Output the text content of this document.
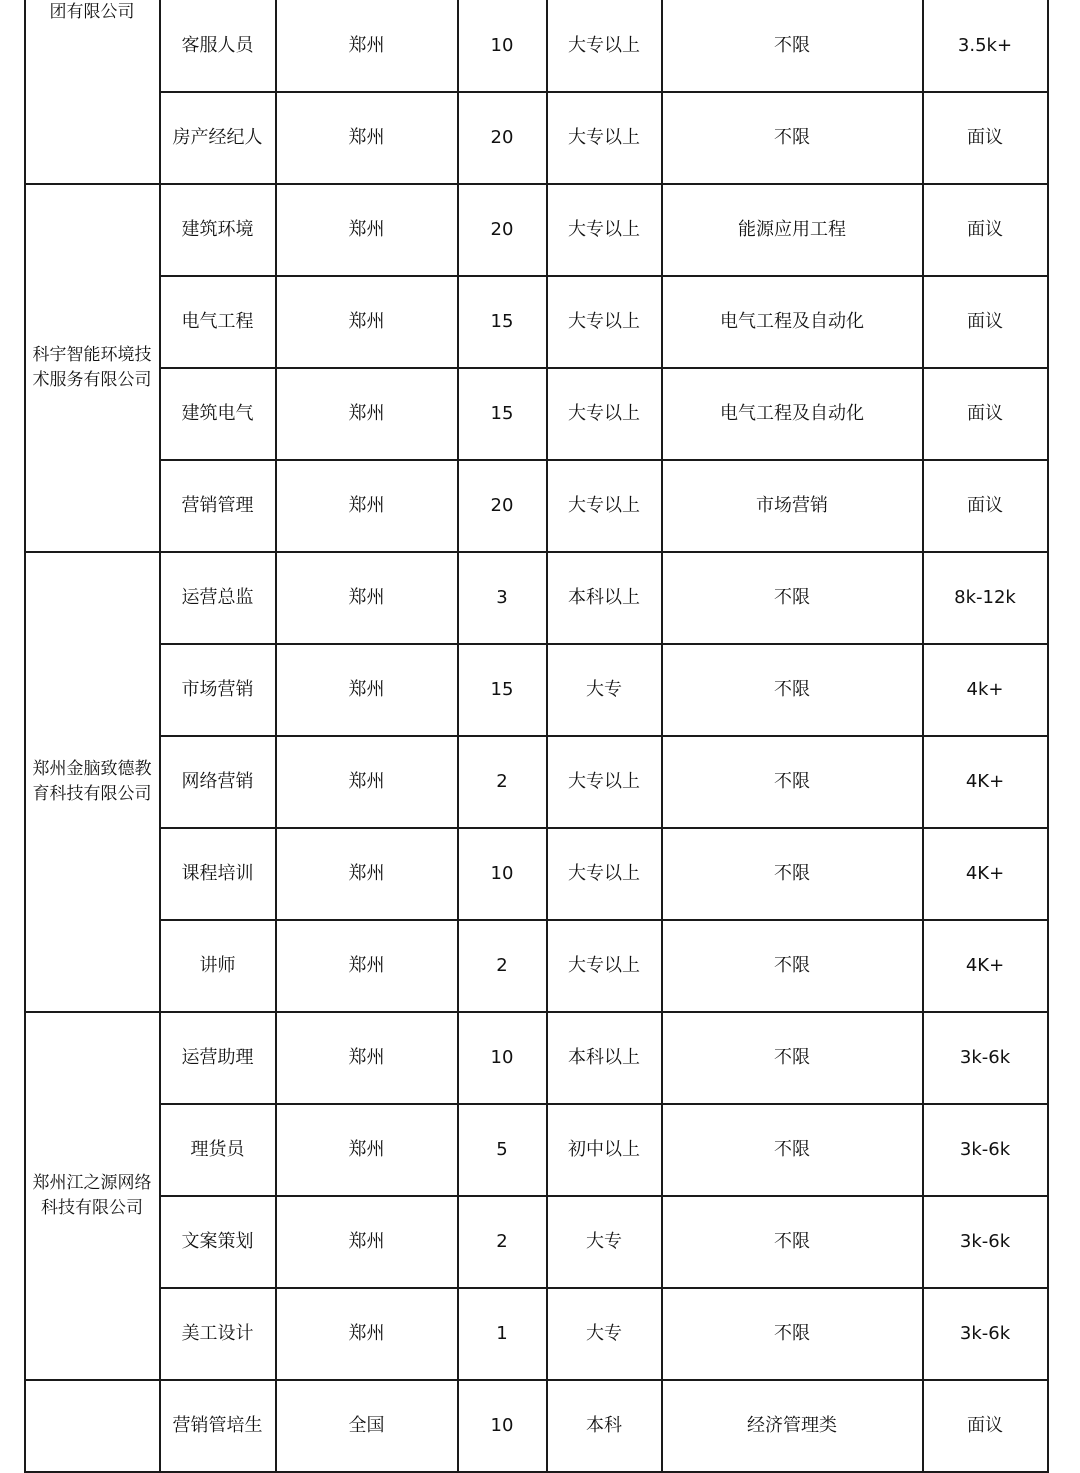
团有限公司
客服人员	郑州	10	大专以上	不限	3.5k+
房产经纪人	郑州	20	大专以上	不限	面议
科宇智能环境技术服务有限公司
建筑环境	郑州	20	大专以上	能源应用工程	面议
电气工程	郑州	15	大专以上	电气工程及自动化	面议
建筑电气	郑州	15	大专以上	电气工程及自动化	面议
营销管理	郑州	20	大专以上	市场营销	面议
郑州金脑致德教育科技有限公司
运营总监	郑州	3	本科以上	不限	8k-12k
市场营销	郑州	15	大专	不限	4k+
网络营销	郑州	2	大专以上	不限	4K+
课程培训	郑州	10	大专以上	不限	4K+
讲师	郑州	2	大专以上	不限	4K+
郑州江之源网络科技有限公司
运营助理	郑州	10	本科以上	不限	3k-6k
理货员	郑州	5	初中以上	不限	3k-6k
文案策划	郑州	2	大专	不限	3k-6k
美工设计	郑州	1	大专	不限	3k-6k
营销管培生	全国	10	本科	经济管理类	面议
